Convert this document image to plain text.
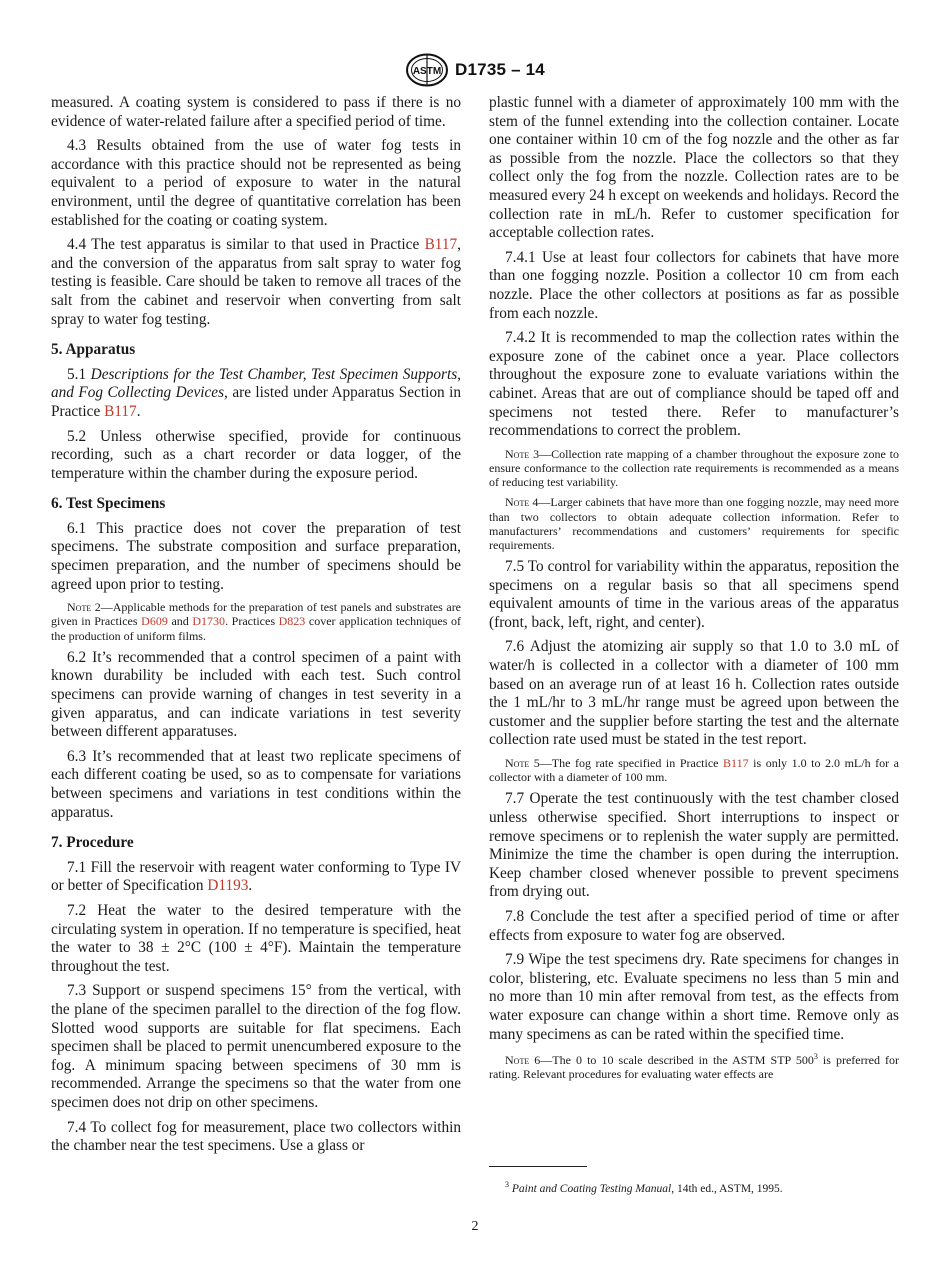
ASTM D1735 – 14

measured. A coating system is considered to pass if there is no evidence of water-related failure after a specified period of time.

4.3 Results obtained from the use of water fog tests in accordance with this practice should not be represented as being equivalent to a period of exposure to water in the natural environment, until the degree of quantitative correlation has been established for the coating or coating system.

4.4 The test apparatus is similar to that used in Practice B117, and the conversion of the apparatus from salt spray to water fog testing is feasible. Care should be taken to remove all traces of the salt from the cabinet and reservoir when converting from salt spray to water fog testing.

5. Apparatus

5.1 Descriptions for the Test Chamber, Test Specimen Supports, and Fog Collecting Devices, are listed under Apparatus Section in Practice B117.

5.2 Unless otherwise specified, provide for continuous recording, such as a chart recorder or data logger, of the temperature within the chamber during the exposure period.

6. Test Specimens

6.1 This practice does not cover the preparation of test specimens. The substrate composition and surface preparation, specimen preparation, and the number of specimens should be agreed upon prior to testing.

Note 2—Applicable methods for the preparation of test panels and substrates are given in Practices D609 and D1730. Practices D823 cover application techniques of the production of uniform films.

6.2 It’s recommended that a control specimen of a paint with known durability be included with each test. Such control specimens can provide warning of changes in test severity in a given apparatus, and can indicate variations in test severity between different apparatuses.

6.3 It’s recommended that at least two replicate specimens of each different coating be used, so as to compensate for variations between specimens and variations in test conditions within the apparatus.

7. Procedure

7.1 Fill the reservoir with reagent water conforming to Type IV or better of Specification D1193.

7.2 Heat the water to the desired temperature with the circulating system in operation. If no temperature is specified, heat the water to 38 ± 2°C (100 ± 4°F). Maintain the temperature throughout the test.

7.3 Support or suspend specimens 15° from the vertical, with the plane of the specimen parallel to the direction of the fog flow. Slotted wood supports are suitable for flat specimens. Each specimen shall be placed to permit unencumbered exposure to the fog. A minimum spacing between specimens of 30 mm is recommended. Arrange the specimens so that the water from one specimen does not drip on other specimens.

7.4 To collect fog for measurement, place two collectors within the chamber near the test specimens. Use a glass or

plastic funnel with a diameter of approximately 100 mm with the stem of the funnel extending into the collection container. Locate one container within 10 cm of the fog nozzle and the other as far as possible from the nozzle. Place the collectors so that they collect only the fog from the nozzle. Collection rates are to be measured every 24 h except on weekends and holidays. Record the collection rate in mL/h. Refer to customer specification for acceptable collection rates.

7.4.1 Use at least four collectors for cabinets that have more than one fogging nozzle. Position a collector 10 cm from each nozzle. Place the other collectors at positions as far as possible from each nozzle.

7.4.2 It is recommended to map the collection rates within the exposure zone of the cabinet once a year. Place collectors throughout the exposure zone to evaluate variations within the cabinet. Areas that are out of compliance should be taped off and specimens not tested there. Refer to manufacturer’s recommendations to correct the problem.

Note 3—Collection rate mapping of a chamber throughout the exposure zone to ensure conformance to the collection rate requirements is recommended as a means of reducing test variability.

Note 4—Larger cabinets that have more than one fogging nozzle, may need more than two collectors to obtain adequate collection information. Refer to manufacturers’ recommendations and customers’ requirements for specific requirements.

7.5 To control for variability within the apparatus, reposition the specimens on a regular basis so that all specimens spend equivalent amounts of time in the various areas of the apparatus (front, back, left, right, and center).

7.6 Adjust the atomizing air supply so that 1.0 to 3.0 mL of water/h is collected in a collector with a diameter of 100 mm based on an average run of at least 16 h. Collection rates outside the 1 mL/hr to 3 mL/hr range must be agreed upon between the customer and the supplier before starting the test and the alternate collection rate used must be stated in the test report.

Note 5—The fog rate specified in Practice B117 is only 1.0 to 2.0 mL/h for a collector with a diameter of 100 mm.

7.7 Operate the test continuously with the test chamber closed unless otherwise specified. Short interruptions to inspect or remove specimens or to replenish the water supply are permitted. Minimize the time the chamber is open during the interruption. Keep chamber closed whenever possible to prevent specimens from drying out.

7.8 Conclude the test after a specified period of time or after effects from exposure to water fog are observed.

7.9 Wipe the test specimens dry. Rate specimens for changes in color, blistering, etc. Evaluate specimens no less than 5 min and no more than 10 min after removal from test, as the effects from water exposure can change within a short time. Remove only as many specimens as can be rated within the specified time.

Note 6—The 0 to 10 scale described in the ASTM STP $500^3$ is preferred for rating. Relevant procedures for evaluating water effects are

$^3$ Paint and Coating Testing Manual, 14th ed., ASTM, 1995.
2
